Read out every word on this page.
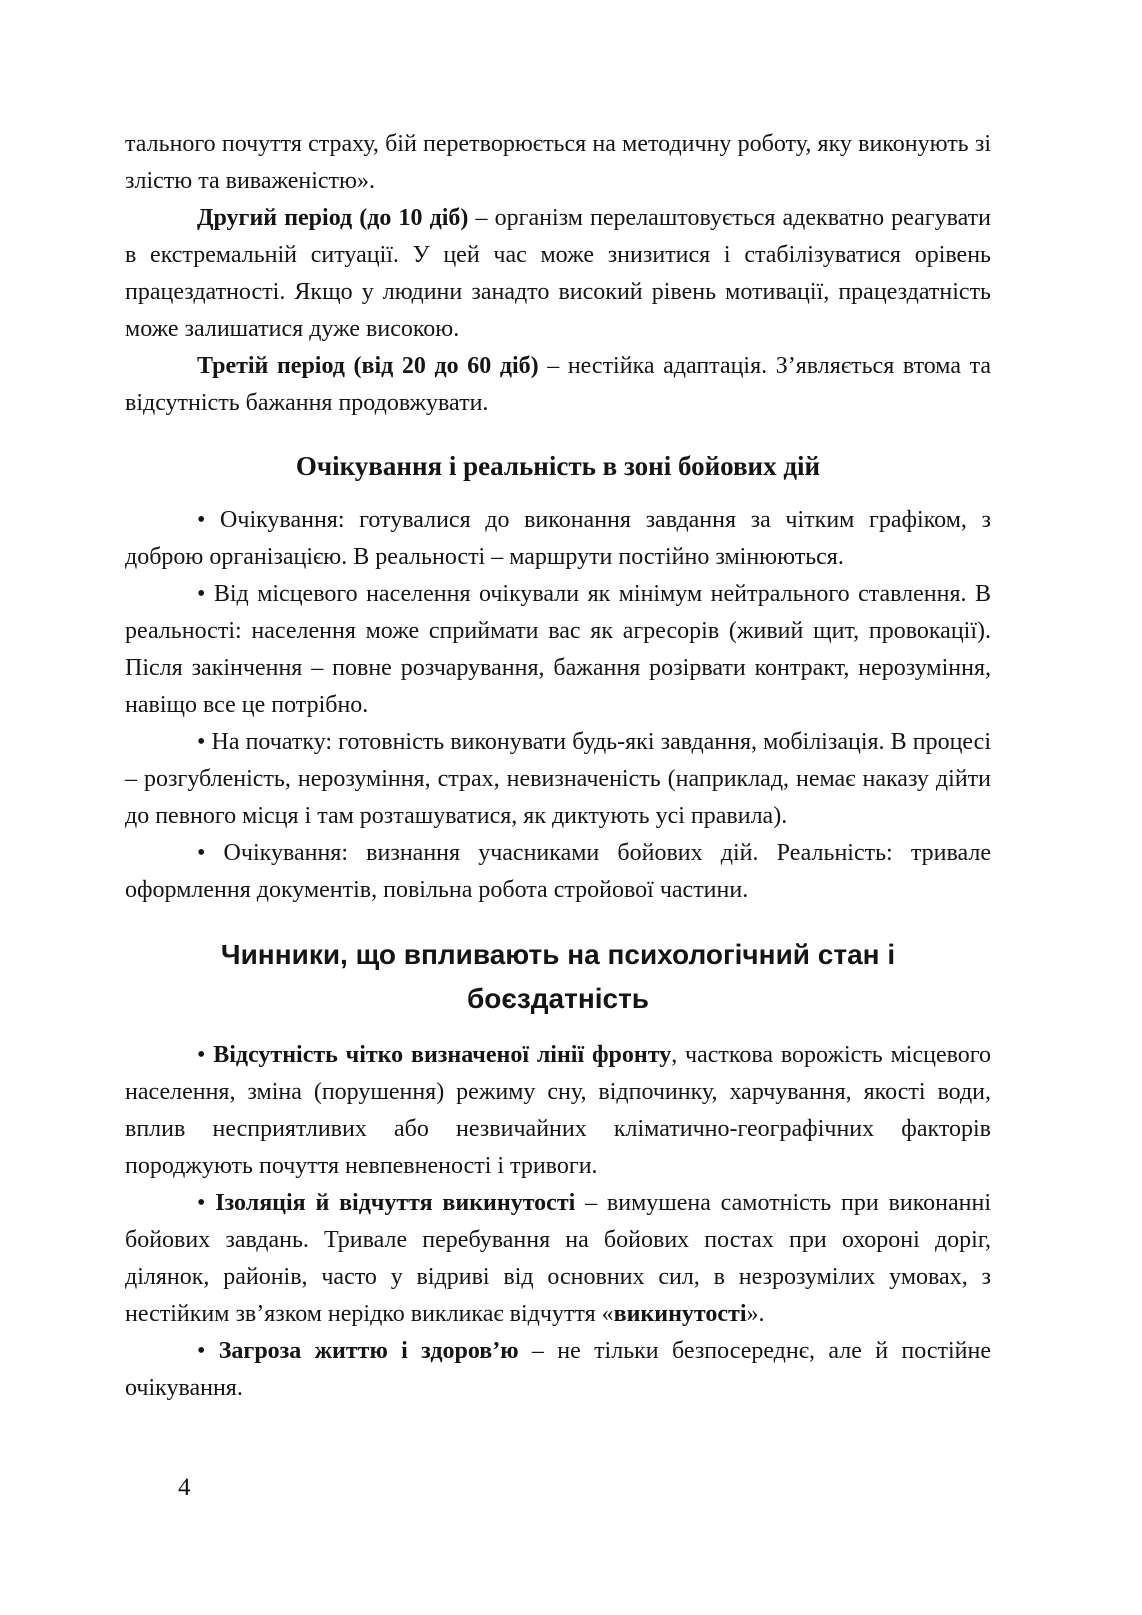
тального почуття страху, бій перетворюється на методичну роботу, яку виконують зі злістю та виваженістю».

Другий період (до 10 діб) – організм перелаштовується адекватно реагувати в екстремальній ситуації. У цей час може знизитися і стабілізуватися орівень працездатності. Якщо у людини занадто високий рівень мотивації, працездатність може залишатися дуже високою.

Третій період (від 20 до 60 діб) – нестійка адаптація. З’являється втома та відсутність бажання продовжувати.

Очікування і реальність в зоні бойових дій

• Очікування: готувалися до виконання завдання за чітким графіком, з доброю організацією. В реальності – маршрути постійно змінюються.

• Від місцевого населення очікували як мінімум нейтрального ставлення. В реальності: населення може сприймати вас як агресорів (живий щит, провокації). Після закінчення – повне розчарування, бажання розірвати контракт, нерозуміння, навіщо все це потрібно.

• На початку: готовність виконувати будь-які завдання, мобілізація. В процесі – розгубленість, нерозуміння, страх, невизначеність (наприклад, немає наказу дійти до певного місця і там розташуватися, як диктують усі правила).

• Очікування: визнання учасниками бойових дій. Реальність: тривале оформлення документів, повільна робота стройової частини.

Чинники, що впливають на психологічний стан і
боєздатність

• Відсутність чітко визначеної лінії фронту, часткова ворожість місцевого населення, зміна (порушення) режиму сну, відпочинку, харчування, якості води, вплив несприятливих або незвичайних кліматично-географічних факторів породжують почуття невпевненості і тривоги.

• Ізоляція й відчуття викинутості – вимушена самотність при виконанні бойових завдань. Тривале перебування на бойових постах при охороні доріг, ділянок, районів, часто у відриві від основних сил, в незрозумілих умовах, з нестійким зв’язком нерідко викликає відчуття «викинутості».

• Загроза життю і здоров’ю – не тільки безпосереднє, але й постійне очікування.

4
